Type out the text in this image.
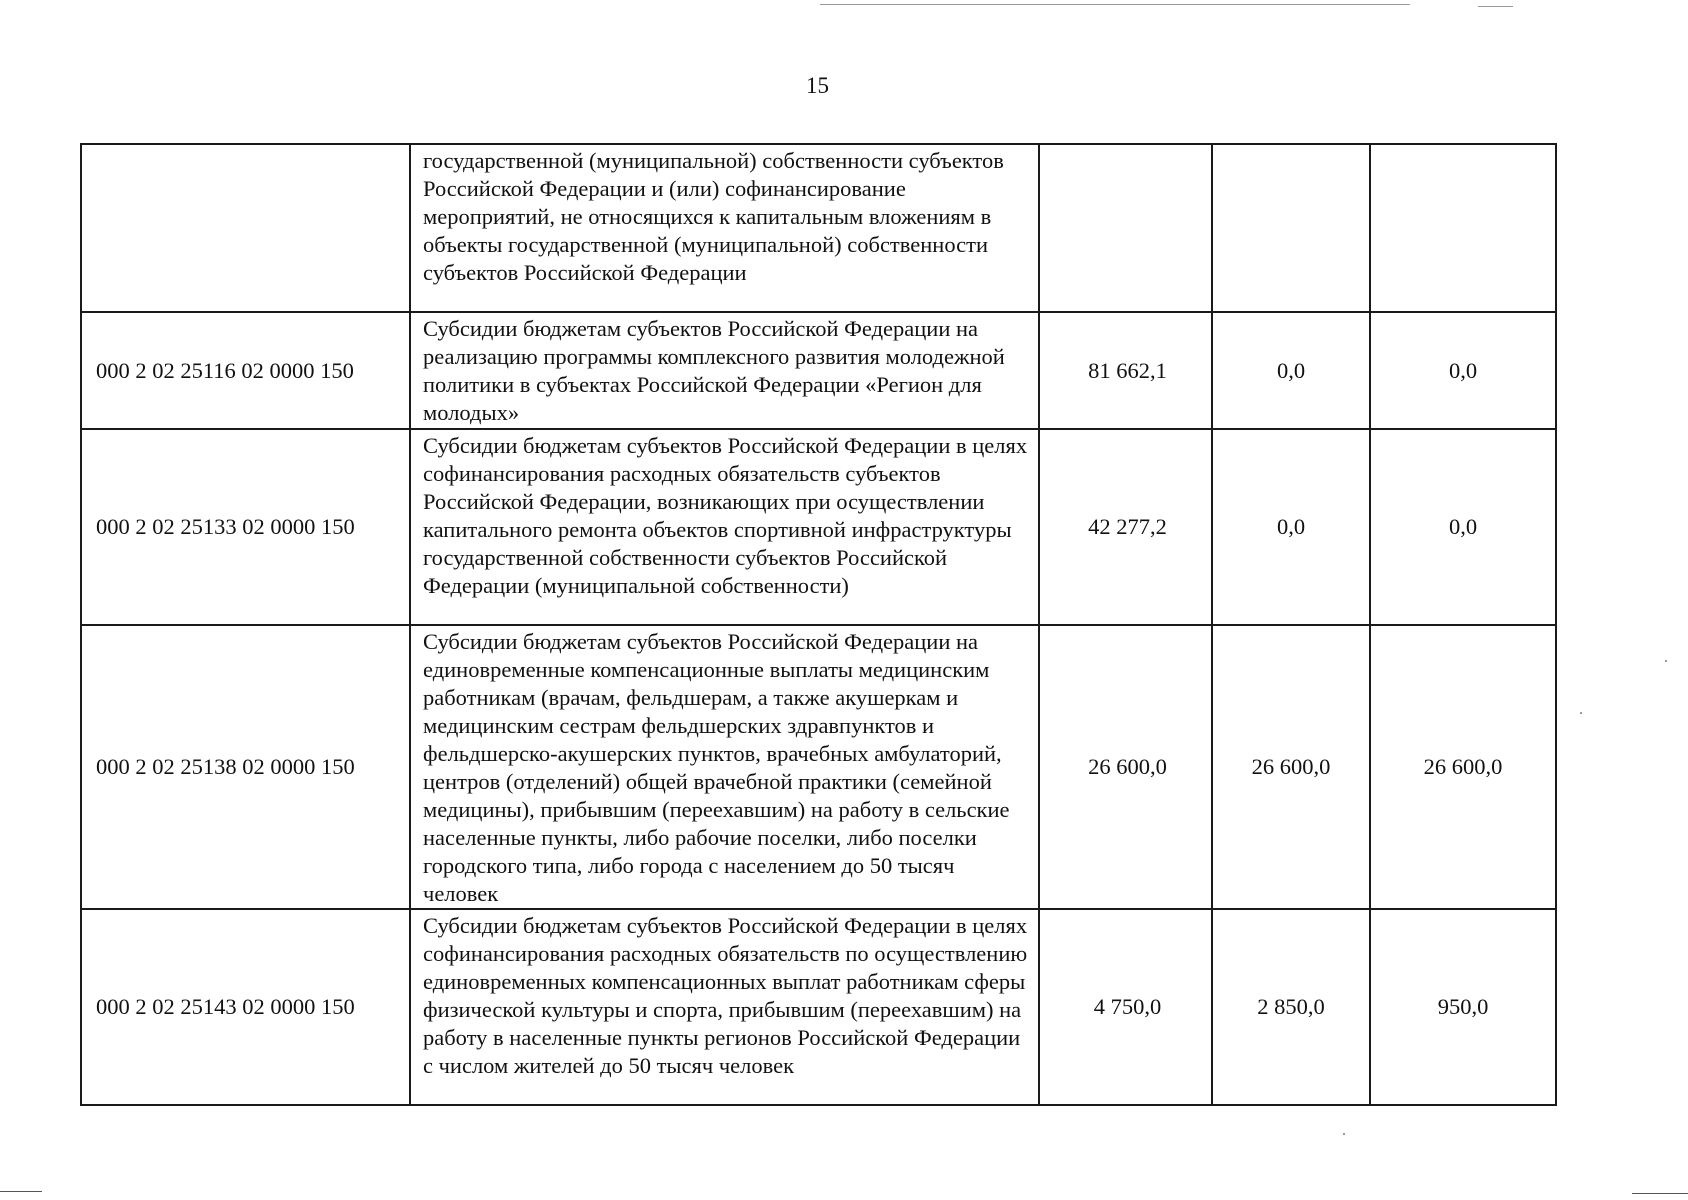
15
	государственной (муниципальной) собственности субъектов Российской Федерации и (или) софинансирование мероприятий, не относящихся к капитальным вложениям в объекты государственной (муниципальной) собственности субъектов Российской Федерации			
000 2 02 25116 02 0000 150	Субсидии бюджетам субъектов Российской Федерации на реализацию программы комплексного развития молодежной политики в субъектах Российской Федерации «Регион для молодых»	81 662,1	0,0	0,0
000 2 02 25133 02 0000 150	Субсидии бюджетам субъектов Российской Федерации в целях софинансирования расходных обязательств субъектов Российской Федерации, возникающих при осуществлении капитального ремонта объектов спортивной инфраструктуры государственной собственности субъектов Российской Федерации (муниципальной собственности)	42 277,2	0,0	0,0
000 2 02 25138 02 0000 150	Субсидии бюджетам субъектов Российской Федерации на единовременные компенсационные выплаты медицинским работникам (врачам, фельдшерам, а также акушеркам и медицинским сестрам фельдшерских здравпунктов и фельдшерско-акушерских пунктов, врачебных амбулаторий, центров (отделений) общей врачебной практики (семейной медицины), прибывшим (переехавшим) на работу в сельские населенные пункты, либо рабочие поселки, либо поселки городского типа, либо города с населением до 50 тысяч человек	26 600,0	26 600,0	26 600,0
000 2 02 25143 02 0000 150	Субсидии бюджетам субъектов Российской Федерации в целях софинансирования расходных обязательств по осуществлению единовременных компенсационных выплат работникам сферы физической культуры и спорта, прибывшим (переехавшим) на работу в населенные пункты регионов Российской Федерации с числом жителей до 50 тысяч человек	4 750,0	2 850,0	950,0
